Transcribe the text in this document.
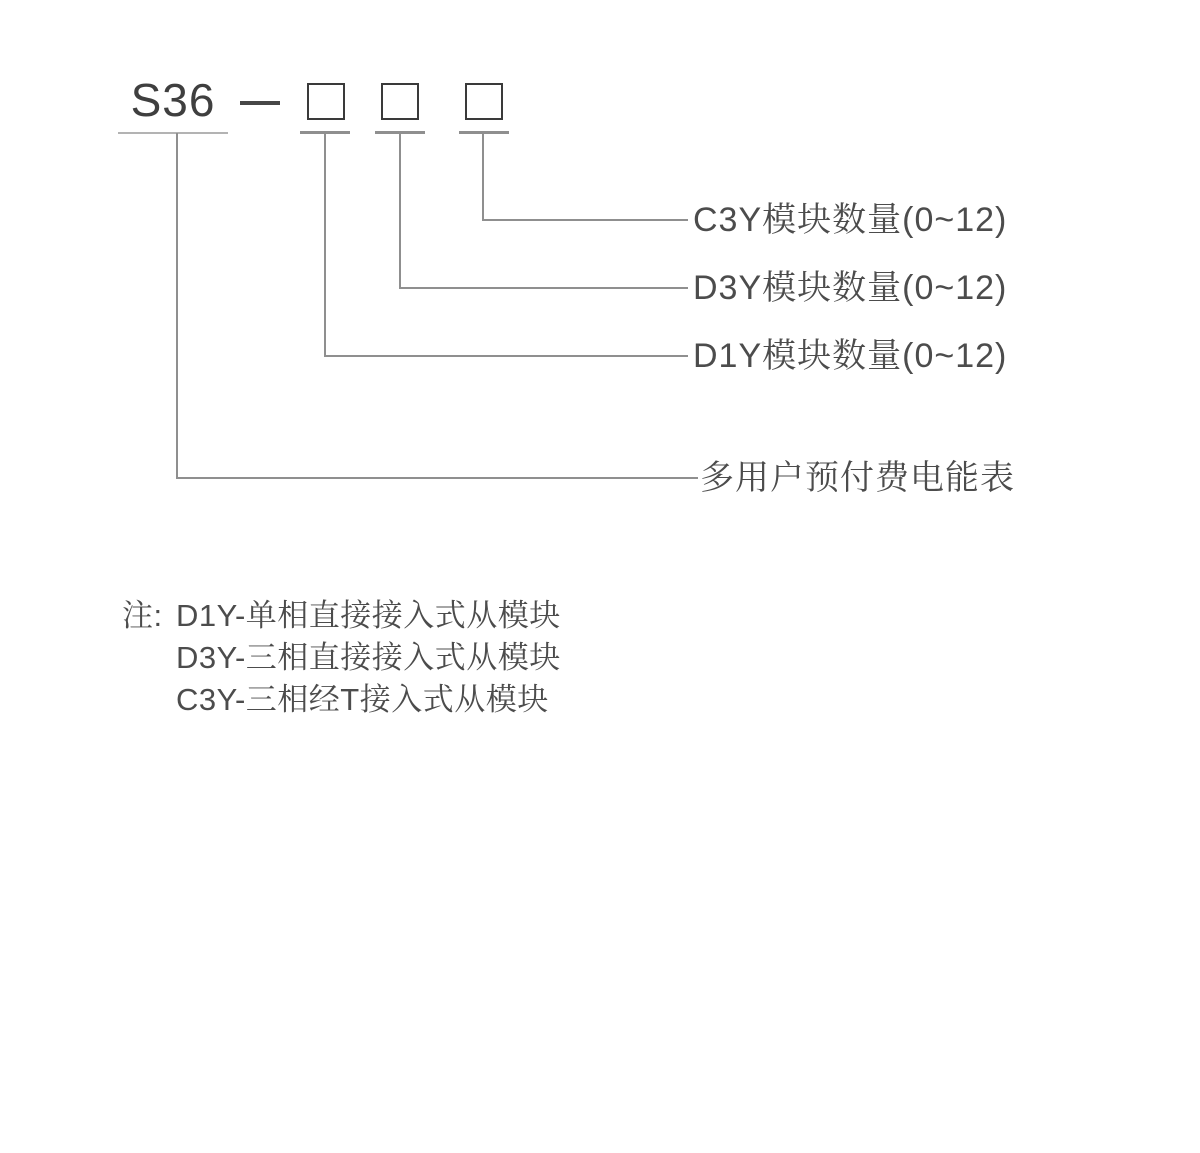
S36
C3Y模块数量(0~12)
D3Y模块数量(0~12)
D1Y模块数量(0~12)
多用户预付费电能表
注: D1Y-单相直接接入式从模块
D3Y-三相直接接入式从模块
C3Y-三相经T接入式从模块
